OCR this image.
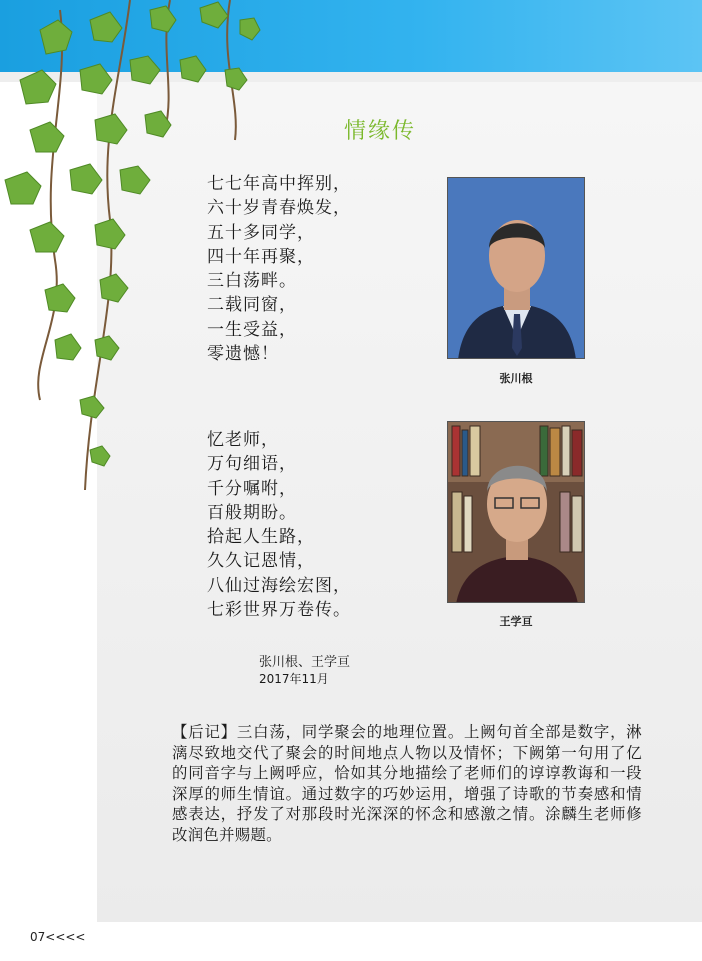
情缘传
七七年高中挥别，
六十岁青春焕发，
五十多同学，
四十年再聚，
三白荡畔。
二载同窗，
一生受益，
零遗憾！
张川根
忆老师，
万句细语，
千分嘱咐，
百般期盼。
拾起人生路，
久久记恩情，
八仙过海绘宏图，
七彩世界万卷传。
王学亘
张川根、王学亘
2017年11月

【后记】三白荡，同学聚会的地理位置。上阙句首全部是数字，淋漓尽致地交代了聚会的时间地点人物以及情怀；下阙第一句用了亿的同音字与上阙呼应，恰如其分地描绘了老师们的谆谆教诲和一段深厚的师生情谊。通过数字的巧妙运用，增强了诗歌的节奏感和情感表达，抒发了对那段时光深深的怀念和感激之情。涂麟生老师修改润色并赐题。

07<<<<
